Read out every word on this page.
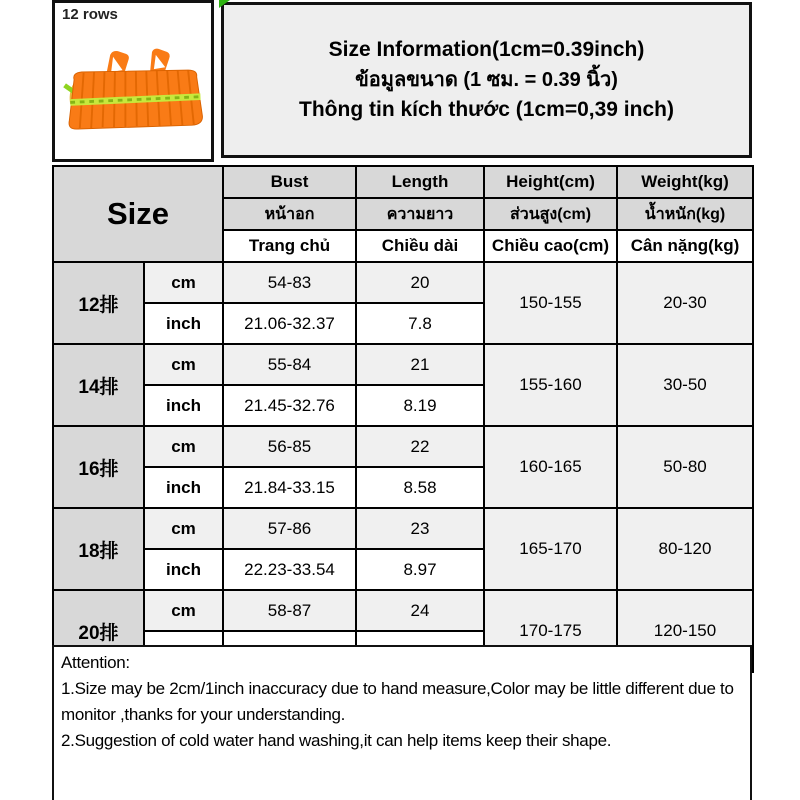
12 rows
Size Information(1cm=0.39inch)
ข้อมูลขนาด (1 ซม. = 0.39 นิ้ว)
Thông tin kích thước (1cm=0,39 inch)
Size		Bust	Length	Height(cm)	Weight(kg)
		หน้าอก	ความยาว	ส่วนสูง(cm)	น้ำหนัก(kg)
		Trang chủ	Chiều dài	Chiều cao(cm)	Cân nặng(kg)
12排	cm	54-83	20	150-155	20-30
	inch	21.06-32.37	7.8		
14排	cm	55-84	21	155-160	30-50
	inch	21.45-32.76	8.19		
16排	cm	56-85	22	160-165	50-80
	inch	21.84-33.15	8.58		
18排	cm	57-86	23	165-170	80-120
	inch	22.23-33.54	8.97		
20排	cm	58-87	24	170-175	120-150

Attention:
1.Size may be 2cm/1inch inaccuracy due to hand measure,Color may be little different due to monitor ,thanks for your understanding.
2.Suggestion of cold water hand washing,it can help items keep their shape.
